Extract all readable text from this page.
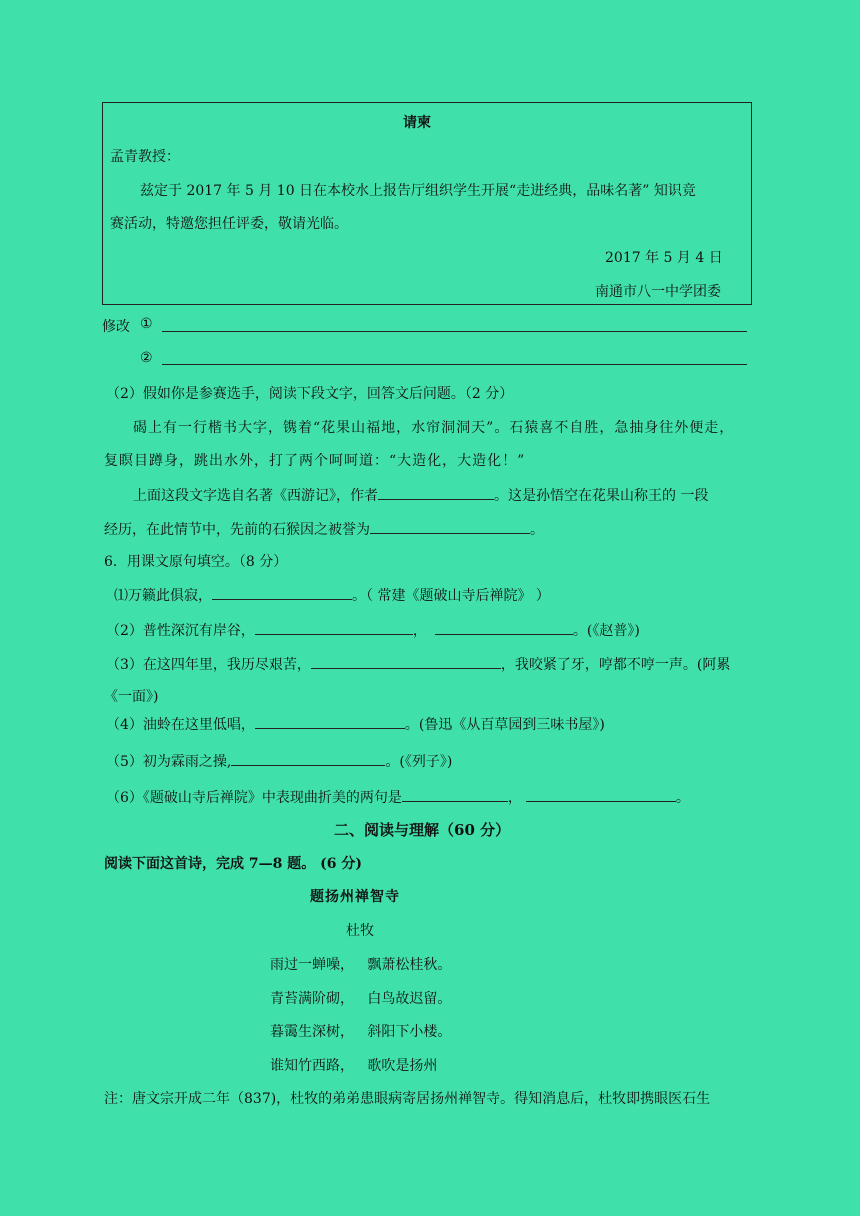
请柬
孟青教授：
兹定于 2017 年 5 月 10 日在本校水上报告厅组织学生开展“走进经典，品味名著” 知识竞
赛活动，特邀您担任评委，敬请光临。
2017 年 5 月 4 日
南通市八一中学团委
修改 ①
②
（2）假如你是参赛选手，阅读下段文字，回答文后问题。（2 分）
碣上有一行楷书大字，镌着“花果山福地，水帘洞洞天”。石猿喜不自胜，急抽身往外便走，
复瞑目蹲身，跳出水外，打了两个呵呵道：“大造化，大造化！”
上面这段文字选自名著《西游记》，作者	。这是孙悟空在花果山称王的 一段
经历，在此情节中，先前的石猴因之被誉为	。
6．用课文原句填空。（8 分）
⑴万籁此俱寂，	。（ 常建《题破山寺后禅院》 ）
（2）普性深沉有岸谷，	，	。(《赵普》)
（3）在这四年里，我历尽艰苦，	，我咬紧了牙，哼都不哼一声。(阿累
《一面》)
（4）油蛉在这里低唱，	。(鲁迅《从百草园到三味书屋》)
（5）初为霖雨之操,	。(《列子》)
（6）《题破山寺后禅院》中表现曲折美的两句是	，	。
二、阅读与理解（60 分）
阅读下面这首诗，完成 7—8 题。 (6 分)
题扬州禅智寺
杜牧
雨过一蝉噪，   飘萧松桂秋。
青苔满阶砌，   白鸟故迟留。
暮霭生深树，   斜阳下小楼。
谁知竹西路，   歌吹是扬州
注：唐文宗开成二年（837)，杜牧的弟弟患眼病寄居扬州禅智寺。得知消息后，杜牧即携眼医石生
